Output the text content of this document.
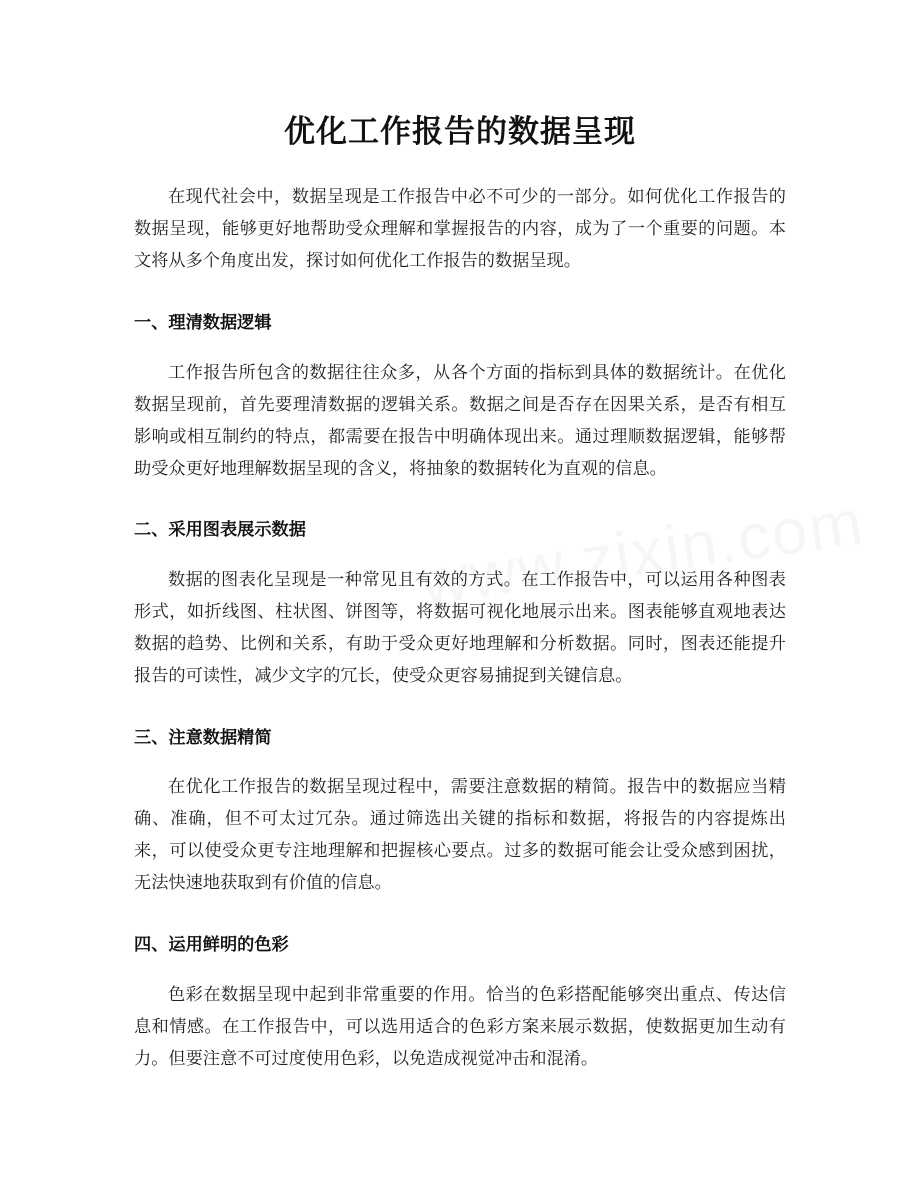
优化工作报告的数据呈现

在现代社会中，数据呈现是工作报告中必不可少的一部分。如何优化工作报告的数据呈现，能够更好地帮助受众理解和掌握报告的内容，成为了一个重要的问题。本文将从多个角度出发，探讨如何优化工作报告的数据呈现。

一、理清数据逻辑

工作报告所包含的数据往往众多，从各个方面的指标到具体的数据统计。在优化数据呈现前，首先要理清数据的逻辑关系。数据之间是否存在因果关系，是否有相互影响或相互制约的特点，都需要在报告中明确体现出来。通过理顺数据逻辑，能够帮助受众更好地理解数据呈现的含义，将抽象的数据转化为直观的信息。

二、采用图表展示数据

数据的图表化呈现是一种常见且有效的方式。在工作报告中，可以运用各种图表形式，如折线图、柱状图、饼图等，将数据可视化地展示出来。图表能够直观地表达数据的趋势、比例和关系，有助于受众更好地理解和分析数据。同时，图表还能提升报告的可读性，减少文字的冗长，使受众更容易捕捉到关键信息。

三、注意数据精简

在优化工作报告的数据呈现过程中，需要注意数据的精简。报告中的数据应当精确、准确，但不可太过冗杂。通过筛选出关键的指标和数据，将报告的内容提炼出来，可以使受众更专注地理解和把握核心要点。过多的数据可能会让受众感到困扰，无法快速地获取到有价值的信息。

四、运用鲜明的色彩

色彩在数据呈现中起到非常重要的作用。恰当的色彩搭配能够突出重点、传达信息和情感。在工作报告中，可以选用适合的色彩方案来展示数据，使数据更加生动有力。但要注意不可过度使用色彩，以免造成视觉冲击和混淆。
